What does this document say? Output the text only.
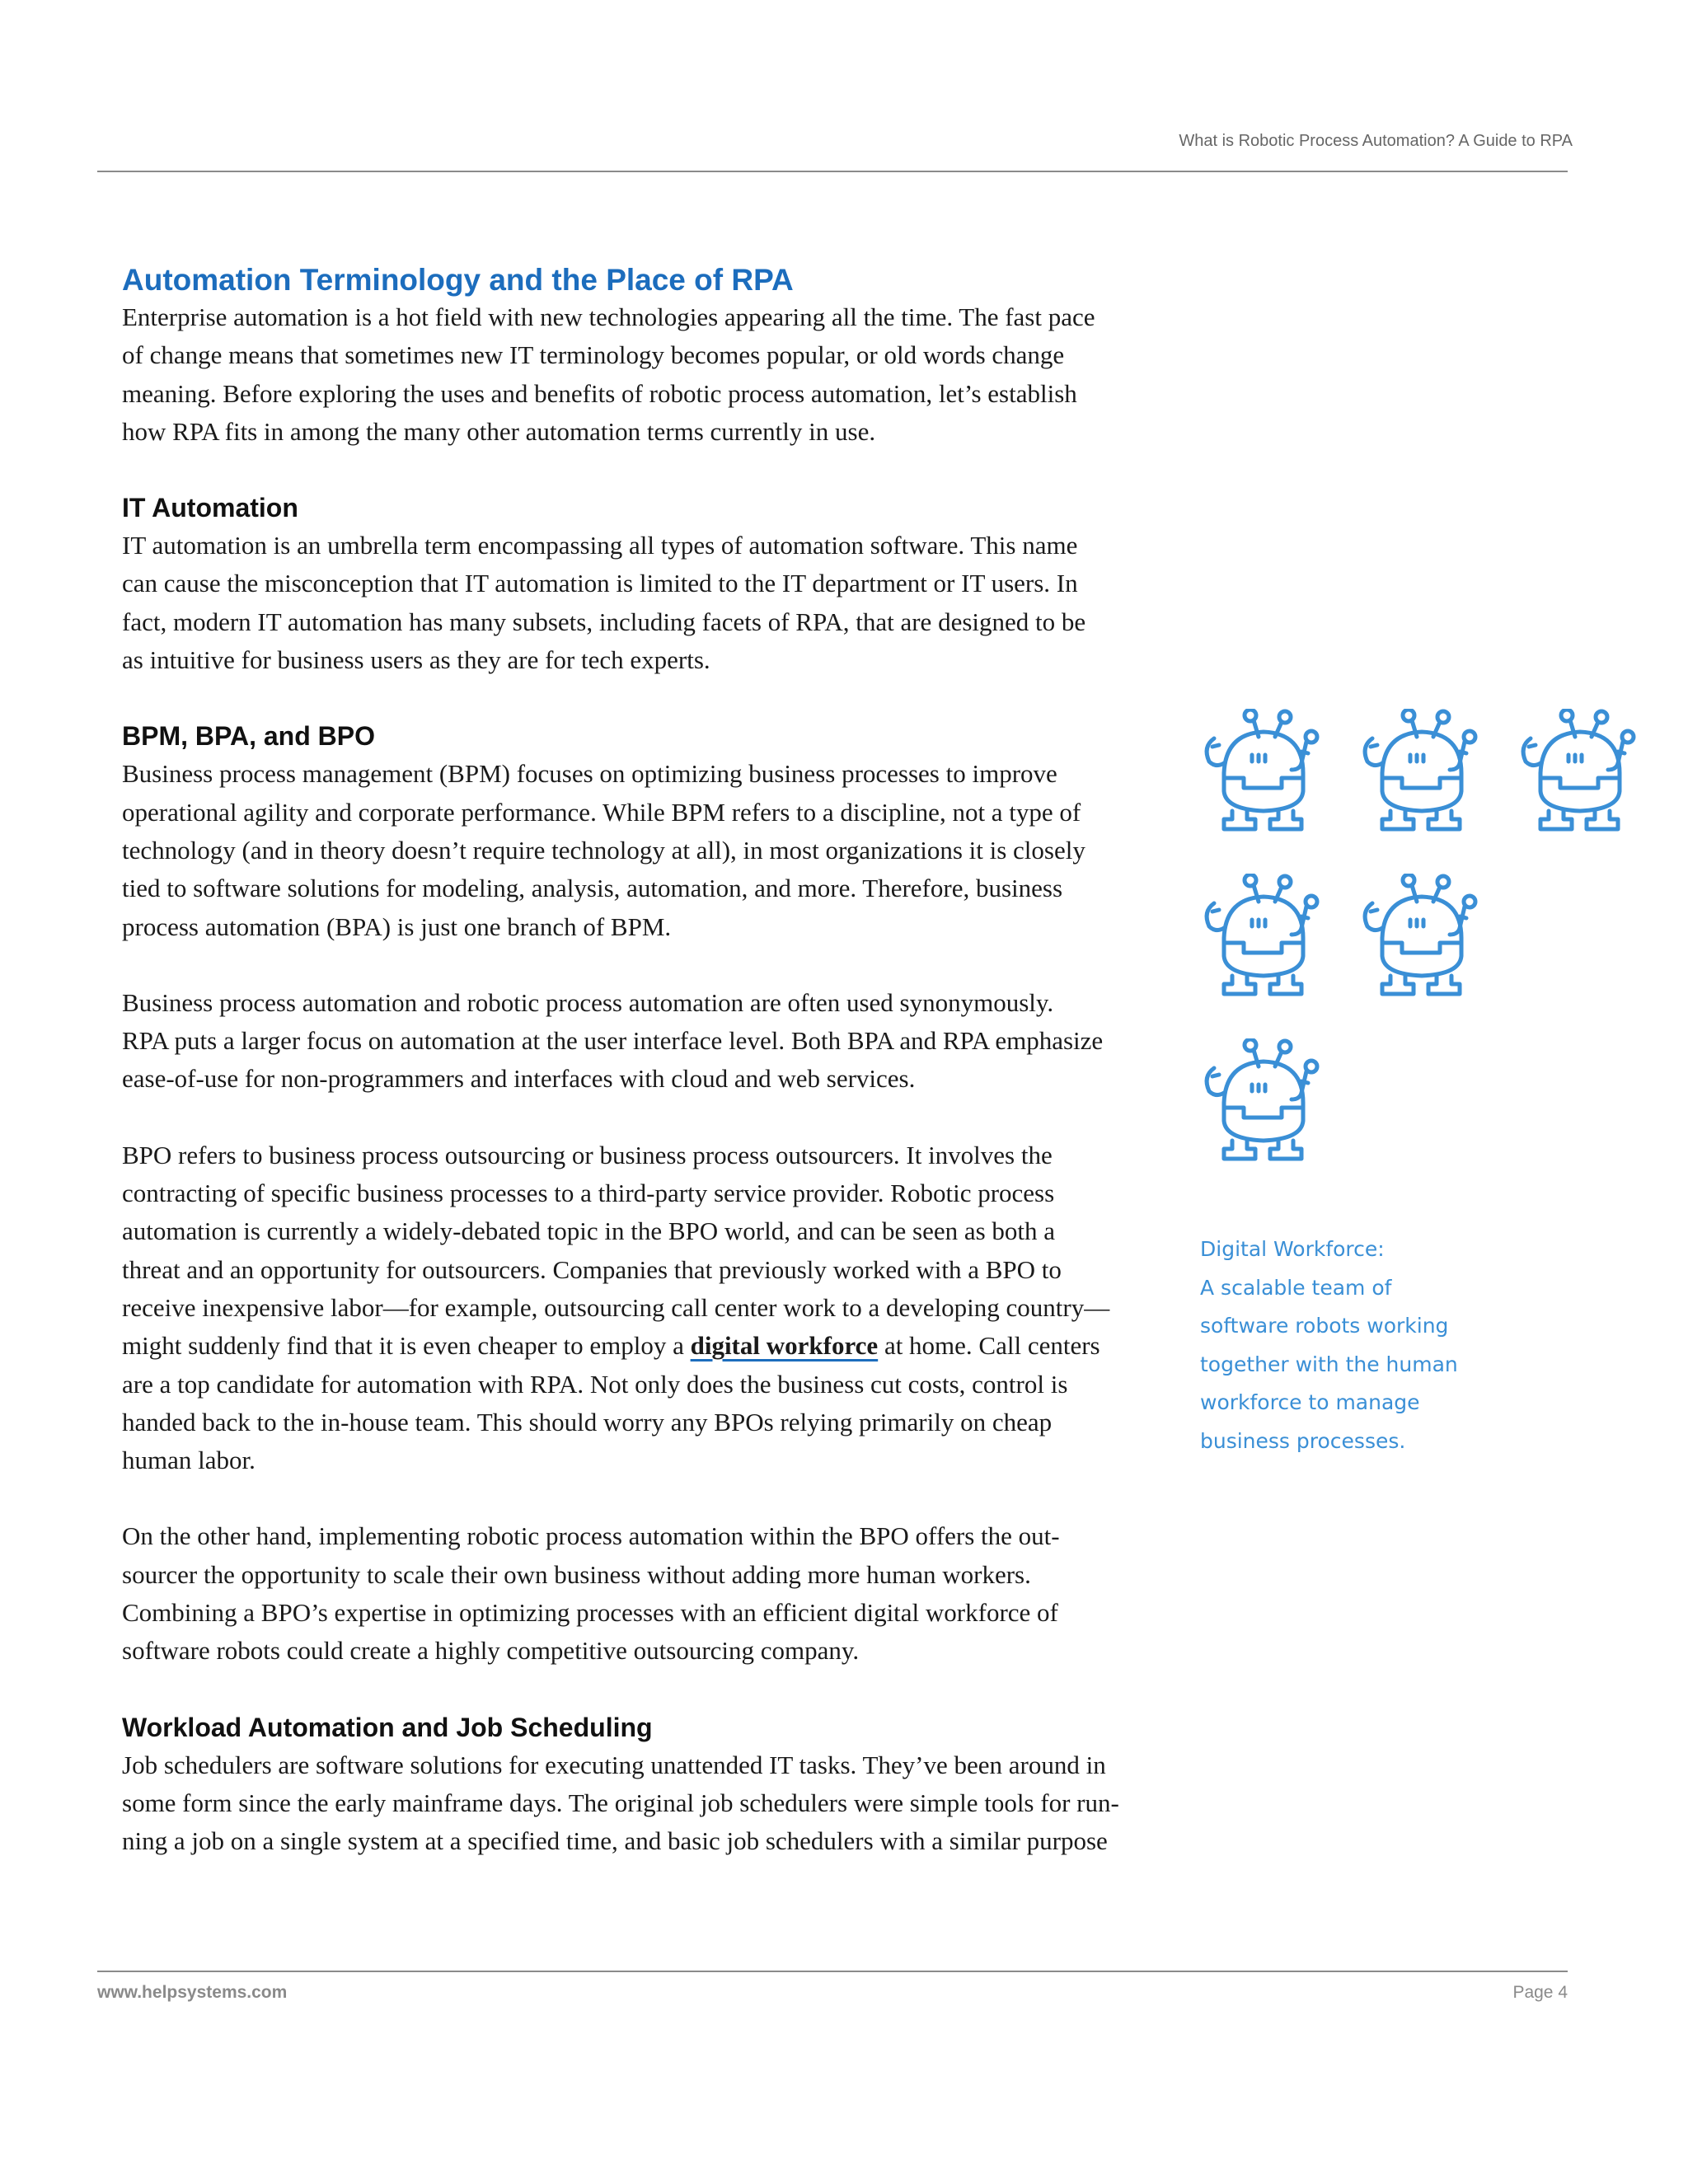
What is Robotic Process Automation? A Guide to RPA
Automation Terminology and the Place of RPA

Enterprise automation is a hot field with new technologies appearing all the time. The fast pace
of change means that sometimes new IT terminology becomes popular, or old words change
meaning. Before exploring the uses and benefits of robotic process automation, let’s establish
how RPA fits in among the many other automation terms currently in use.

IT Automation

IT automation is an umbrella term encompassing all types of automation software. This name
can cause the misconception that IT automation is limited to the IT department or IT users. In
fact, modern IT automation has many subsets, including facets of RPA, that are designed to be
as intuitive for business users as they are for tech experts.

BPM, BPA, and BPO

Business process management (BPM) focuses on optimizing business processes to improve
operational agility and corporate performance. While BPM refers to a discipline, not a type of
technology (and in theory doesn’t require technology at all), in most organizations it is closely
tied to software solutions for modeling, analysis, automation, and more. Therefore, business
process automation (BPA) is just one branch of BPM.

Business process automation and robotic process automation are often used synonymously.
RPA puts a larger focus on automation at the user interface level. Both BPA and RPA emphasize
ease-of-use for non-programmers and interfaces with cloud and web services.

BPO refers to business process outsourcing or business process outsourcers. It involves the
contracting of specific business processes to a third-party service provider. Robotic process
automation is currently a widely-debated topic in the BPO world, and can be seen as both a
threat and an opportunity for outsourcers. Companies that previously worked with a BPO to
receive inexpensive labor—for example, outsourcing call center work to a developing country—
might suddenly find that it is even cheaper to employ a digital workforce at home. Call centers
are a top candidate for automation with RPA. Not only does the business cut costs, control is
handed back to the in-house team. This should worry any BPOs relying primarily on cheap
human labor.

On the other hand, implementing robotic process automation within the BPO offers the out-
sourcer the opportunity to scale their own business without adding more human workers.
Combining a BPO’s expertise in optimizing processes with an efficient digital workforce of
software robots could create a highly competitive outsourcing company.

Workload Automation and Job Scheduling

Job schedulers are software solutions for executing unattended IT tasks. They’ve been around in
some form since the early mainframe days. The original job schedulers were simple tools for run-
ning a job on a single system at a specified time, and basic job schedulers with a similar purpose

Digital Workforce:
A scalable team of
software robots working
together with the human
workforce to manage
business processes.
www.helpsystems.com	Page 4
